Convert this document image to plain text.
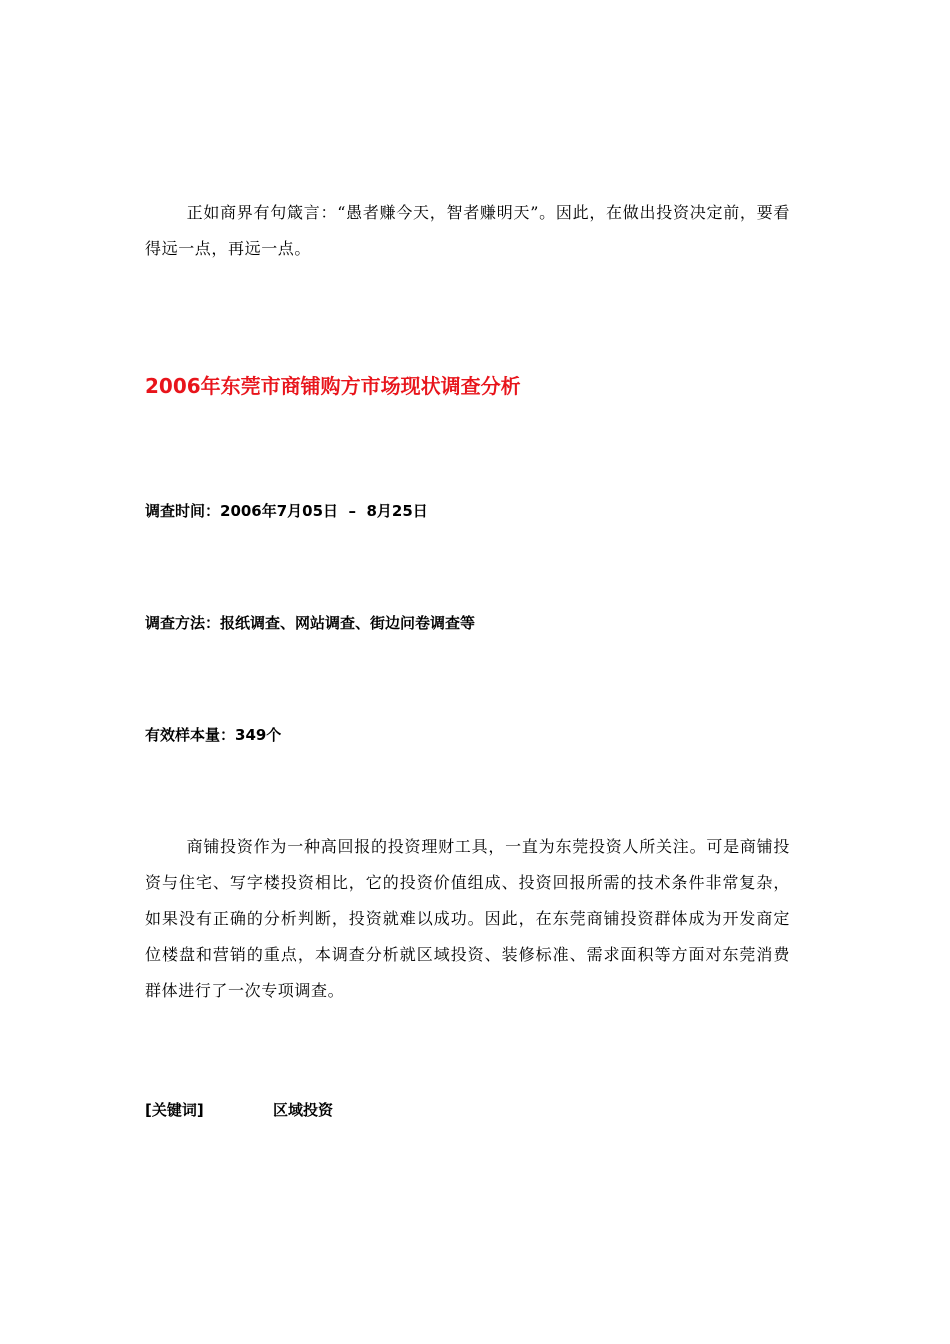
正如商界有句箴言：“愚者赚今天，智者赚明天”。因此，在做出投资决定前，要看得远一点，再远一点。

2006年东莞市商铺购方市场现状调查分析

调查时间：2006年7月05日  –  8月25日

调查方法：报纸调查、网站调查、街边问卷调查等

有效样本量：349个

商铺投资作为一种高回报的投资理财工具，一直为东莞投资人所关注。可是商铺投资与住宅、写字楼投资相比，它的投资价值组成、投资回报所需的技术条件非常复杂，如果没有正确的分析判断，投资就难以成功。因此，在东莞商铺投资群体成为开发商定位楼盘和营销的重点，本调查分析就区域投资、装修标准、需求面积等方面对东莞消费群体进行了一次专项调查。

[关键词]	区域投资
